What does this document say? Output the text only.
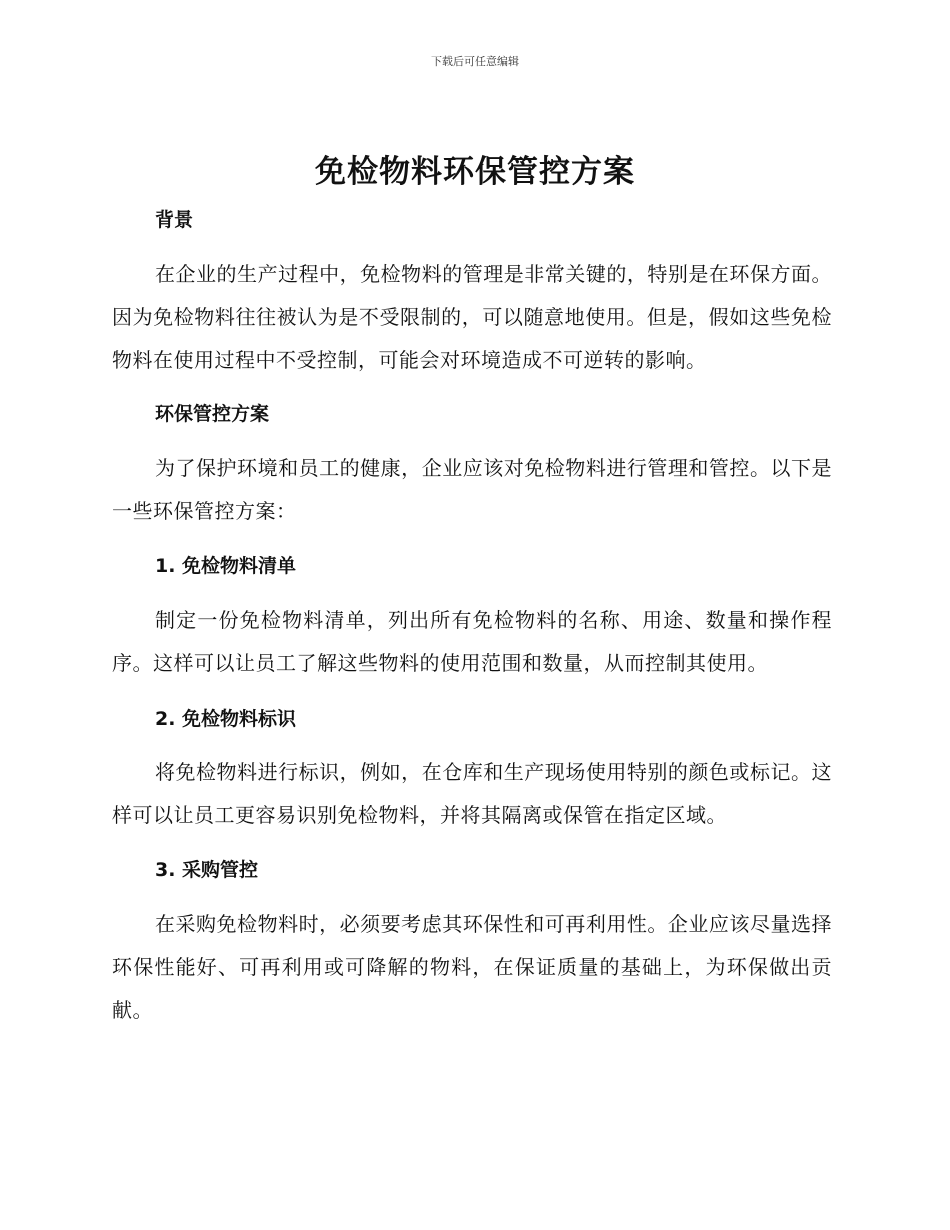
下载后可任意编辑
免检物料环保管控方案
背景

在企业的生产过程中，免检物料的管理是非常关键的，特别是在环保方面。因为免检物料往往被认为是不受限制的，可以随意地使用。但是，假如这些免检物料在使用过程中不受控制，可能会对环境造成不可逆转的影响。

环保管控方案

为了保护环境和员工的健康，企业应该对免检物料进行管理和管控。以下是一些环保管控方案：

1. 免检物料清单

制定一份免检物料清单，列出所有免检物料的名称、用途、数量和操作程序。这样可以让员工了解这些物料的使用范围和数量，从而控制其使用。

2. 免检物料标识

将免检物料进行标识，例如，在仓库和生产现场使用特别的颜色或标记。这样可以让员工更容易识别免检物料，并将其隔离或保管在指定区域。

3. 采购管控

在采购免检物料时，必须要考虑其环保性和可再利用性。企业应该尽量选择环保性能好、可再利用或可降解的物料，在保证质量的基础上，为环保做出贡献。
